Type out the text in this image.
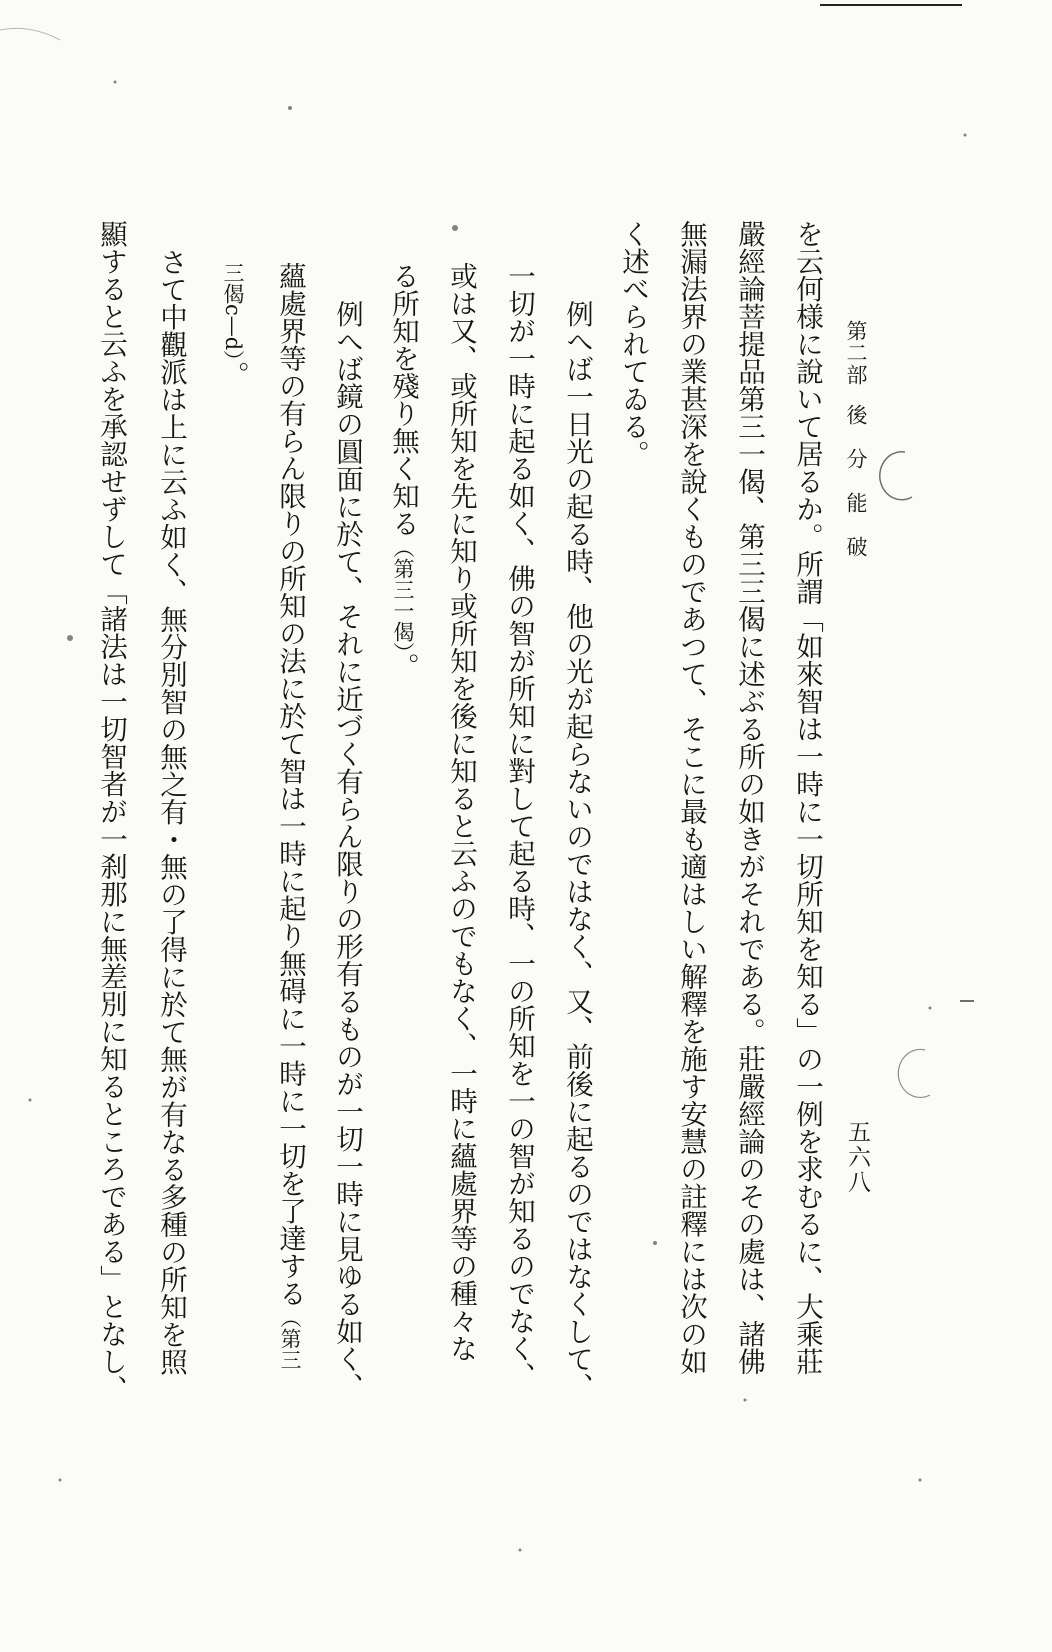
第二部後分能破
五六八
を云何様に說いて居るか。所謂「如來智は一時に一切所知を知る」の一例を求むるに、大乘莊
嚴經論菩提品第三一偈、第三三偈に述ぶる所の如きがそれである。莊嚴經論のその處は、諸佛
無漏法界の業甚深を說くものであつて、そこに最も適はしい解釋を施す安慧の註釋には次の如
く述べられてゐる。
例へば一日光の起る時、他の光が起らないのではなく、又、前後に起るのではなくして、
一切が一時に起る如く、佛の智が所知に對して起る時、一の所知を一の智が知るのでなく、
或は又、或所知を先に知り或所知を後に知ると云ふのでもなく、一時に蘊處界等の種々な
る所知を殘り無く知る（第三一偈）。
例へば鏡の圓面に於て、それに近づく有らん限りの形有るものが一切一時に見ゆる如く、
蘊處界等の有らん限りの所知の法に於て智は一時に起り無碍に一時に一切を了達する（第三
三偈c—d）。
さて中觀派は上に云ふ如く、無分別智の無之有・無の了得に於て無が有なる多種の所知を照
顯すると云ふを承認せずして「諸法は一切智者が一刹那に無差別に知るところである」となし、
